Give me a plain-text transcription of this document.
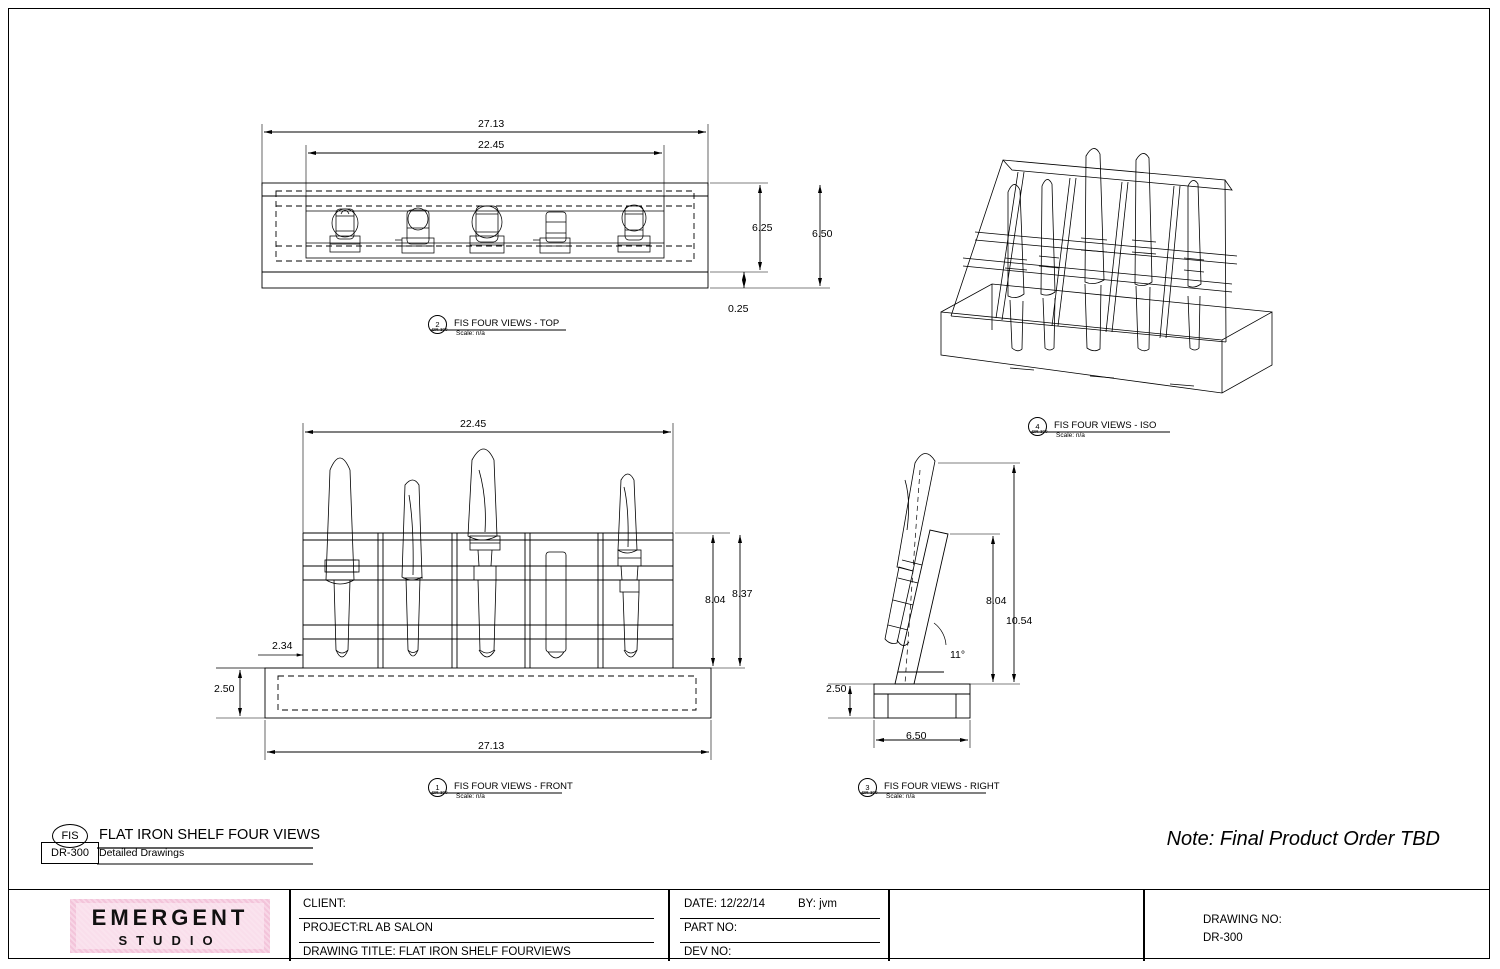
27.13
22.45
6.25	6.50
0.25
2
DR-300
FIS FOUR VIEWS - TOP
Scale: n/a
4
DR-300
FIS FOUR VIEWS - ISO
Scale: n/a
22.45
8.04 8.37
2.34
2.50
27.13
1
DR-300
FIS FOUR VIEWS - FRONT
Scale: n/a
8.04
10.54
11°
2.50
6.50
3
DR-300
FIS FOUR VIEWS - RIGHT
Scale: n/a
FIS
DR-300
FLAT IRON SHELF FOUR VIEWS
Detailed Drawings
Note: Final Product Order TBD
EMERGENT
STUDIO
CLIENT:
PROJECT:RL AB SALON
DRAWING TITLE: FLAT IRON SHELF FOURVIEWS
DATE: 12/22/14	BY: jvm
PART NO:
DEV NO:
DRAWING NO:
DR-300
